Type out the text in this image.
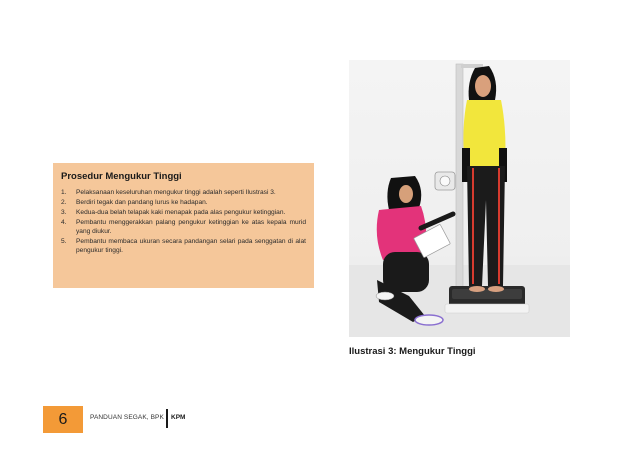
Prosedur Mengukur Tinggi
1.	Pelaksanaan keseluruhan mengukur tinggi adalah seperti Ilustrasi 3.
2.	Berdiri tegak dan pandang lurus ke hadapan.
3.	Kedua-dua belah telapak kaki menapak pada alas pengukur ketinggian.
4.	Pembantu menggerakkan palang pengukur ketinggian ke atas kepala murid yang diukur.
5.	Pembantu membaca ukuran secara pandangan selari pada senggatan di alat pengukur tinggi.
Ilustrasi 3: Mengukur Tinggi
6	PANDUAN SEGAK, BPK KPM
